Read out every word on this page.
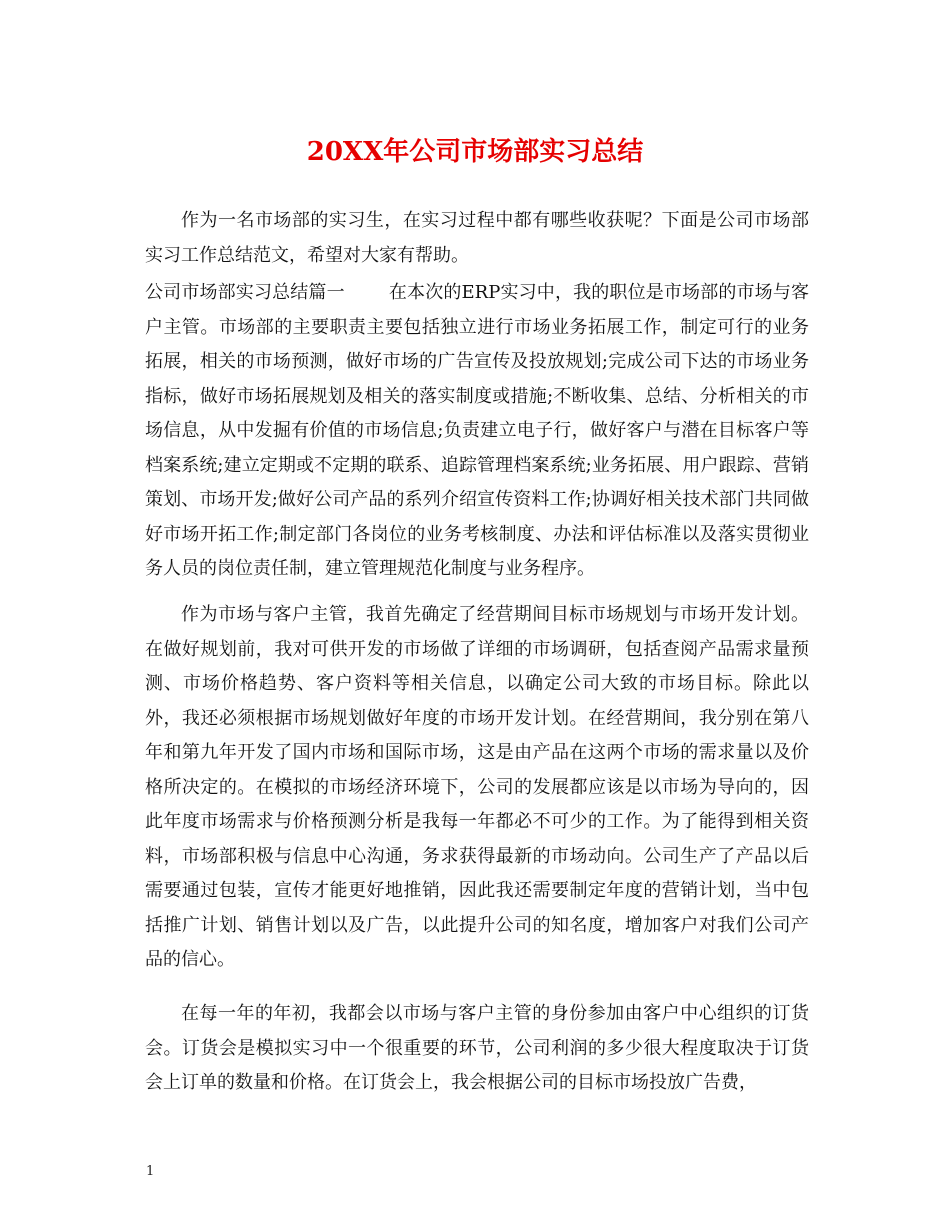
20XX年公司市场部实习总结

作为一名市场部的实习生，在实习过程中都有哪些收获呢？下面是公司市场部实习工作总结范文，希望对大家有帮助。

公司市场部实习总结篇一 在本次的ERP实习中，我的职位是市场部的市场与客户主管。市场部的主要职责主要包括独立进行市场业务拓展工作，制定可行的业务拓展，相关的市场预测，做好市场的广告宣传及投放规划;完成公司下达的市场业务指标，做好市场拓展规划及相关的落实制度或措施;不断收集、总结、分析相关的市场信息，从中发掘有价值的市场信息;负责建立电子行，做好客户与潜在目标客户等档案系统;建立定期或不定期的联系、追踪管理档案系统;业务拓展、用户跟踪、营销策划、市场开发;做好公司产品的系列介绍宣传资料工作;协调好相关技术部门共同做好市场开拓工作;制定部门各岗位的业务考核制度、办法和评估标准以及落实贯彻业务人员的岗位责任制，建立管理规范化制度与业务程序。

作为市场与客户主管，我首先确定了经营期间目标市场规划与市场开发计划。在做好规划前，我对可供开发的市场做了详细的市场调研，包括查阅产品需求量预测、市场价格趋势、客户资料等相关信息，以确定公司大致的市场目标。除此以外，我还必须根据市场规划做好年度的市场开发计划。在经营期间，我分别在第八年和第九年开发了国内市场和国际市场，这是由产品在这两个市场的需求量以及价格所决定的。在模拟的市场经济环境下，公司的发展都应该是以市场为导向的，因此年度市场需求与价格预测分析是我每一年都必不可少的工作。为了能得到相关资料，市场部积极与信息中心沟通，务求获得最新的市场动向。公司生产了产品以后需要通过包装，宣传才能更好地推销，因此我还需要制定年度的营销计划，当中包括推广计划、销售计划以及广告，以此提升公司的知名度，增加客户对我们公司产品的信心。

在每一年的年初，我都会以市场与客户主管的身份参加由客户中心组织的订货会。订货会是模拟实习中一个很重要的环节，公司利润的多少很大程度取决于订货会上订单的数量和价格。在订货会上，我会根据公司的目标市场投放广告费，

1
